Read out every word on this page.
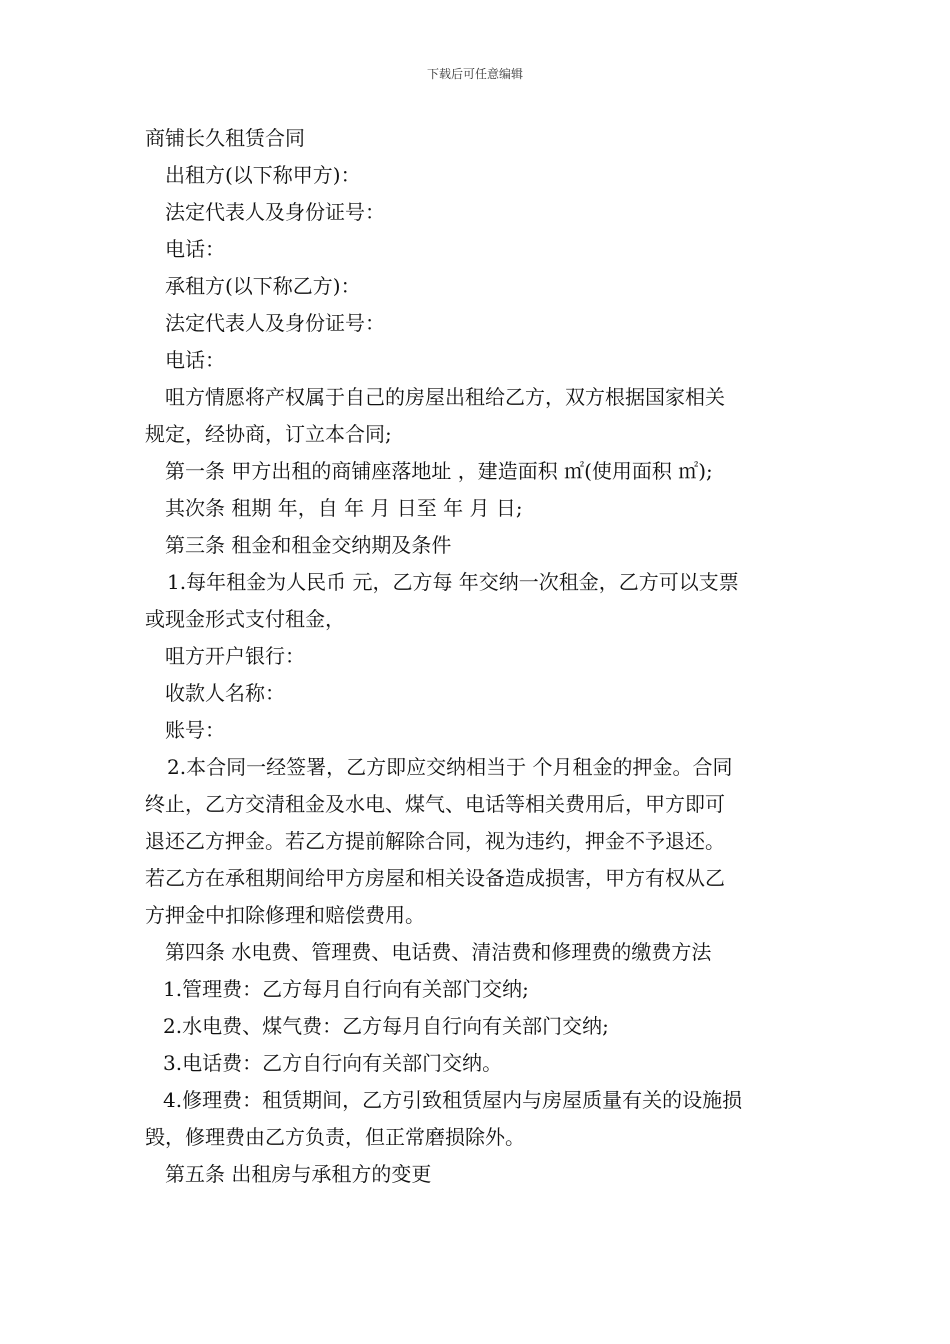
下载后可任意编辑
商铺长久租赁合同
出租方(以下称甲方)：
法定代表人及身份证号：
电话：
承租方(以下称乙方)：
法定代表人及身份证号：
电话：
咀方情愿将产权属于自己的房屋出租给乙方，双方根据国家相关
规定，经协商，订立本合同;
第一条 甲方出租的商铺座落地址 ，建造面积 ㎡(使用面积 ㎡);
其次条 租期 年，自 年 月 日至 年 月 日;
第三条 租金和租金交纳期及条件
1.每年租金为人民币 元，乙方每 年交纳一次租金，乙方可以支票
或现金形式支付租金，
咀方开户银行：
收款人名称：
账号：
2.本合同一经签署，乙方即应交纳相当于 个月租金的押金。合同
终止，乙方交清租金及水电、煤气、电话等相关费用后，甲方即可
退还乙方押金。若乙方提前解除合同，视为违约，押金不予退还。
若乙方在承租期间给甲方房屋和相关设备造成损害，甲方有权从乙
方押金中扣除修理和赔偿费用。
第四条 水电费、管理费、电话费、清洁费和修理费的缴费方法
1.管理费：乙方每月自行向有关部门交纳;
2.水电费、煤气费：乙方每月自行向有关部门交纳;
3.电话费：乙方自行向有关部门交纳。
4.修理费：租赁期间，乙方引致租赁屋内与房屋质量有关的设施损
毁，修理费由乙方负责，但正常磨损除外。
第五条 出租房与承租方的变更
